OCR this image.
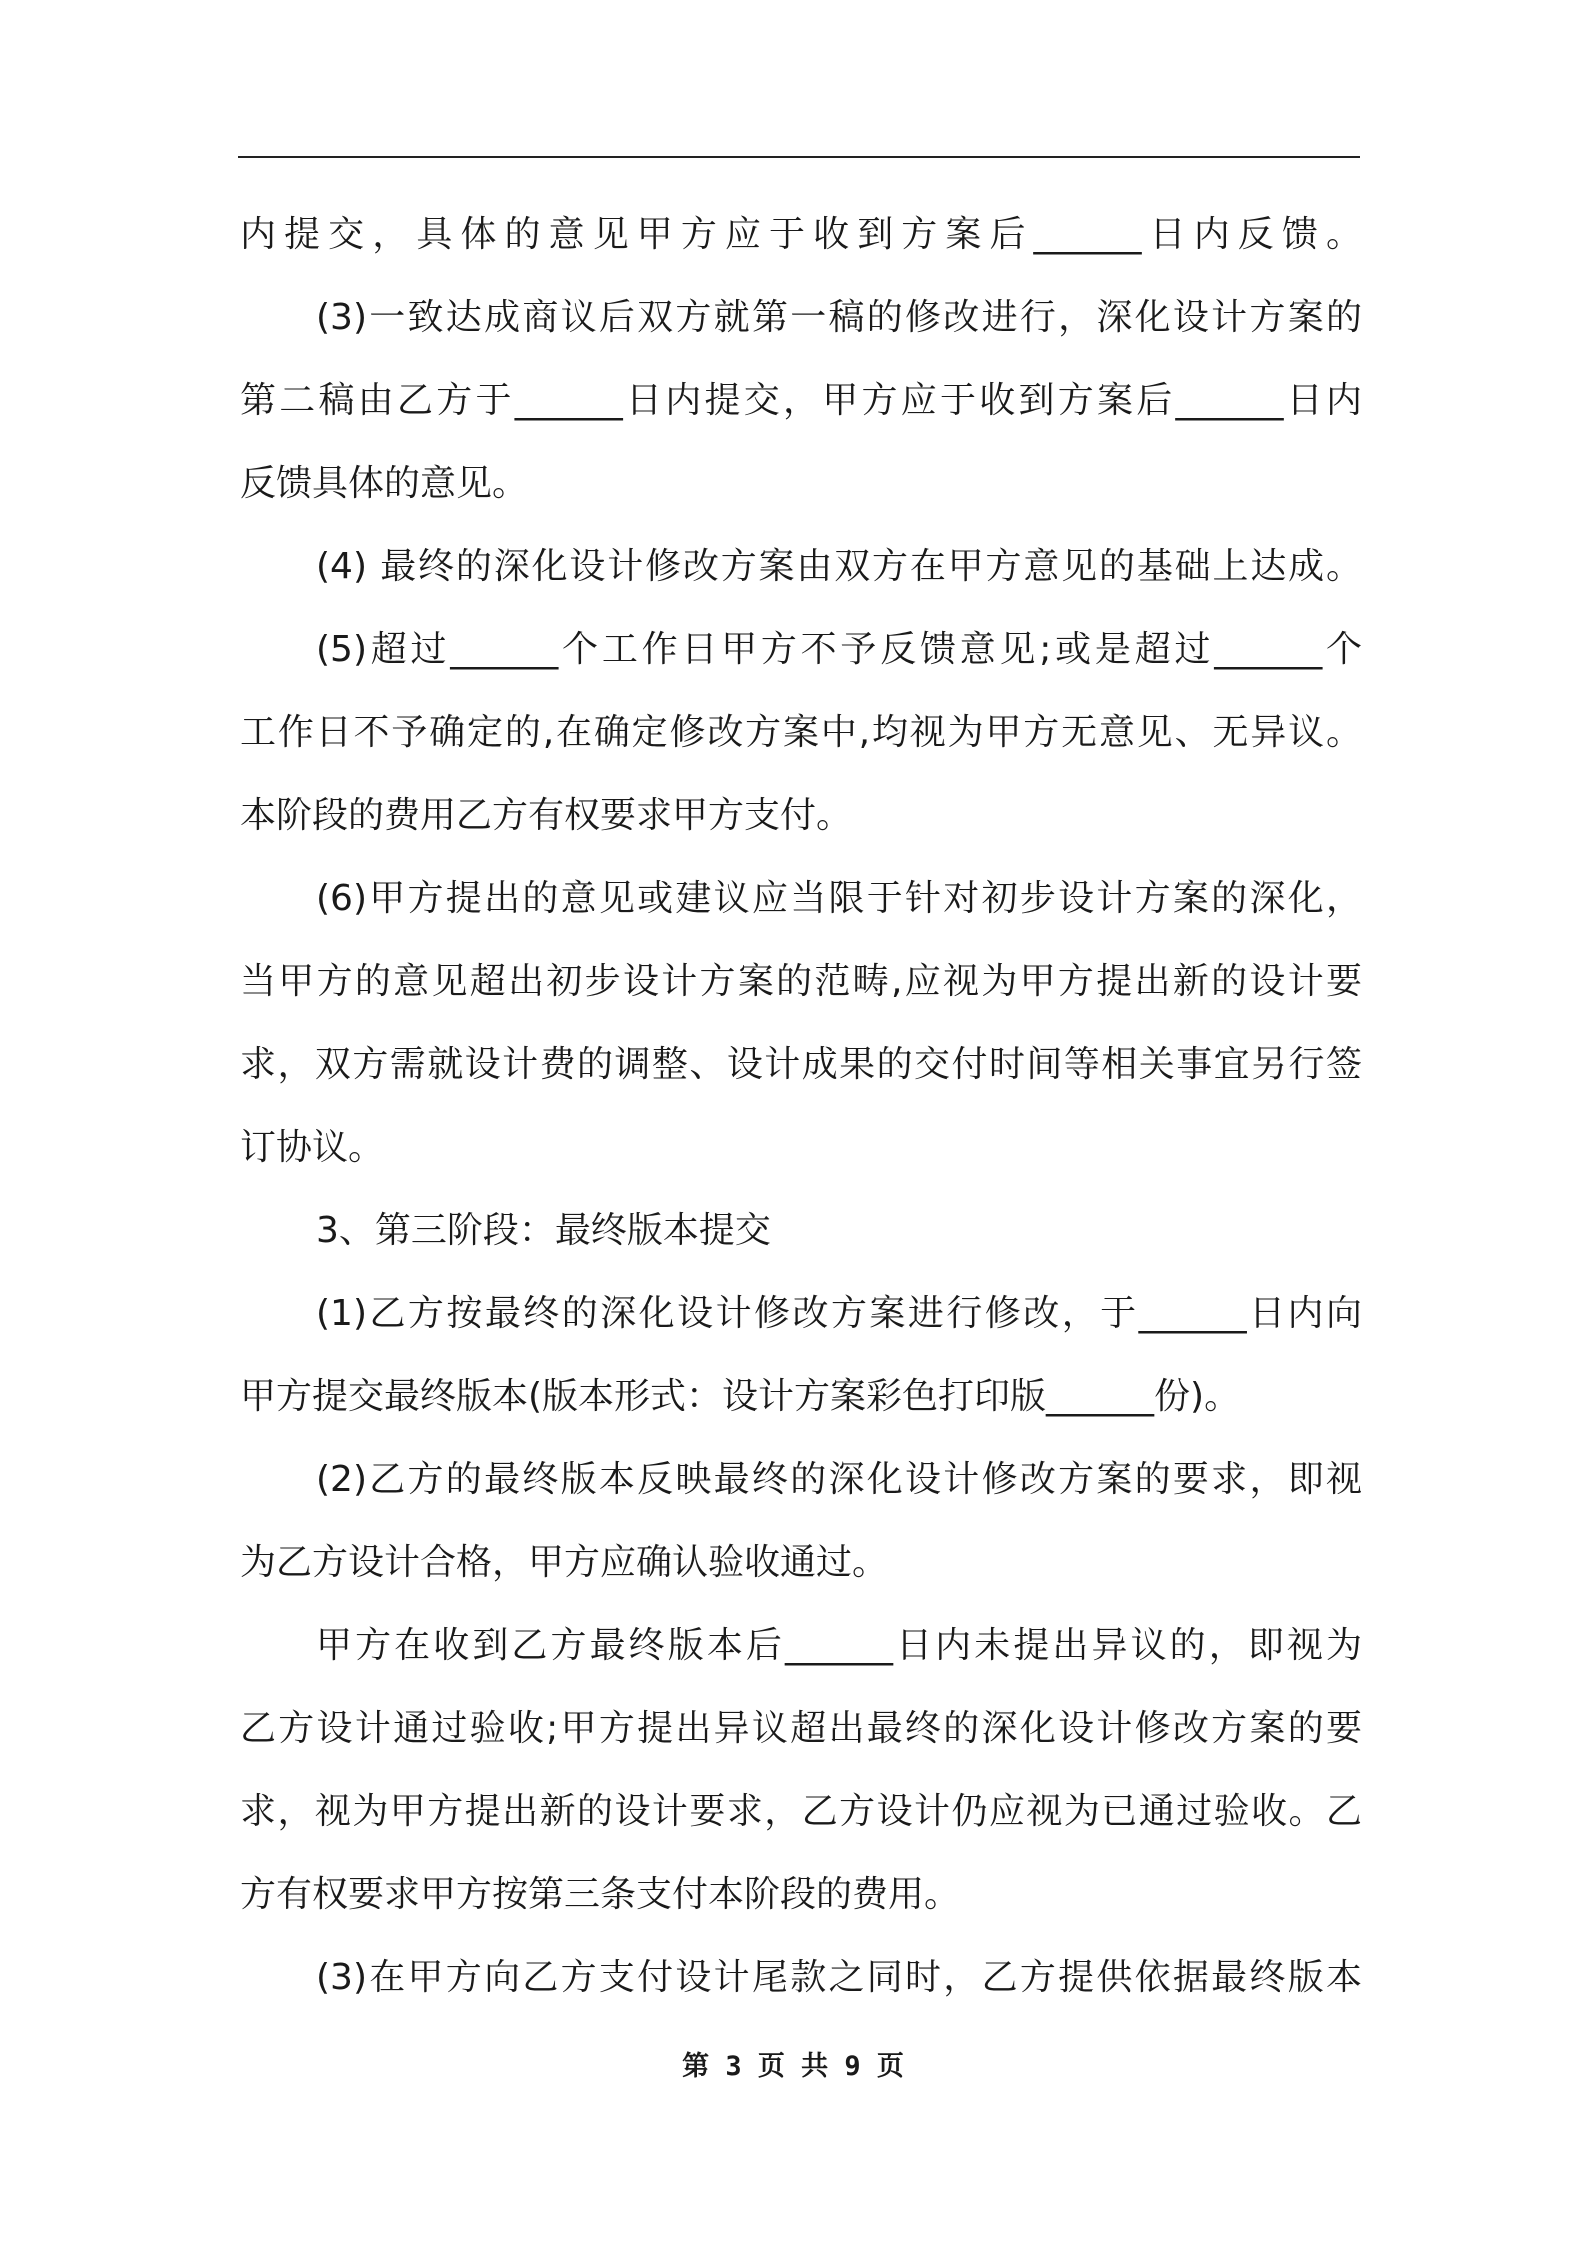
内提交，具体的意见甲方应于收到方案后______日内反馈。
(3)一致达成商议后双方就第一稿的修改进行，深化设计方案的
第二稿由乙方于______日内提交，甲方应于收到方案后______日内
反馈具体的意见。
(4) 最终的深化设计修改方案由双方在甲方意见的基础上达成。
(5)超过______个工作日甲方不予反馈意见;或是超过______个
工作日不予确定的,在确定修改方案中,均视为甲方无意见、无异议。
本阶段的费用乙方有权要求甲方支付。
(6)甲方提出的意见或建议应当限于针对初步设计方案的深化，
当甲方的意见超出初步设计方案的范畴,应视为甲方提出新的设计要
求，双方需就设计费的调整、设计成果的交付时间等相关事宜另行签
订协议。
3、第三阶段：最终版本提交
(1)乙方按最终的深化设计修改方案进行修改，于______日内向
甲方提交最终版本(版本形式：设计方案彩色打印版______份)。
(2)乙方的最终版本反映最终的深化设计修改方案的要求，即视
为乙方设计合格，甲方应确认验收通过。
甲方在收到乙方最终版本后______日内未提出异议的，即视为
乙方设计通过验收;甲方提出异议超出最终的深化设计修改方案的要
求，视为甲方提出新的设计要求，乙方设计仍应视为已通过验收。乙
方有权要求甲方按第三条支付本阶段的费用。
(3)在甲方向乙方支付设计尾款之同时，乙方提供依据最终版本
第 3 页 共 9 页
